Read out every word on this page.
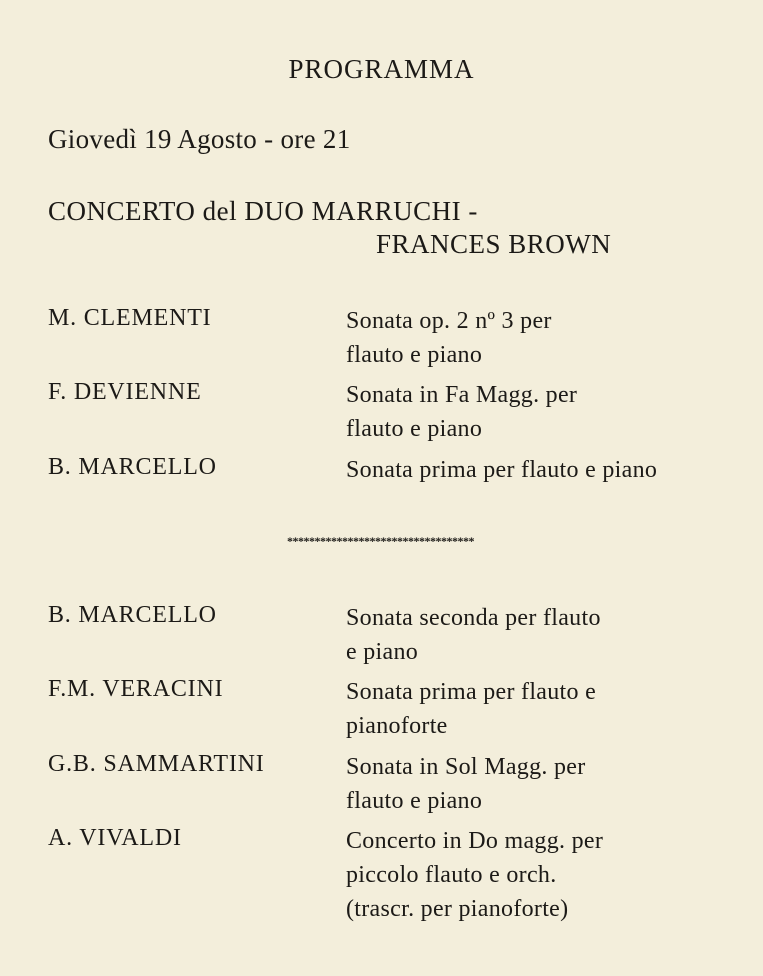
PROGRAMMA
Giovedì 19 Agosto - ore 21
CONCERTO del DUO MARRUCHI -
FRANCES BROWN
M. CLEMENTI	Sonata op. 2 nº 3 per
flauto e piano
F. DEVIENNE	Sonata in Fa Magg. per
flauto e piano
B. MARCELLO	Sonata prima per flauto e piano
**********************************
B. MARCELLO	Sonata seconda per flauto
e piano
F.M. VERACINI	Sonata prima per flauto e
pianoforte
G.B. SAMMARTINI	Sonata in Sol Magg. per
flauto e piano
A. VIVALDI	Concerto in Do magg. per
piccolo flauto e orch.
(trascr. per pianoforte)
